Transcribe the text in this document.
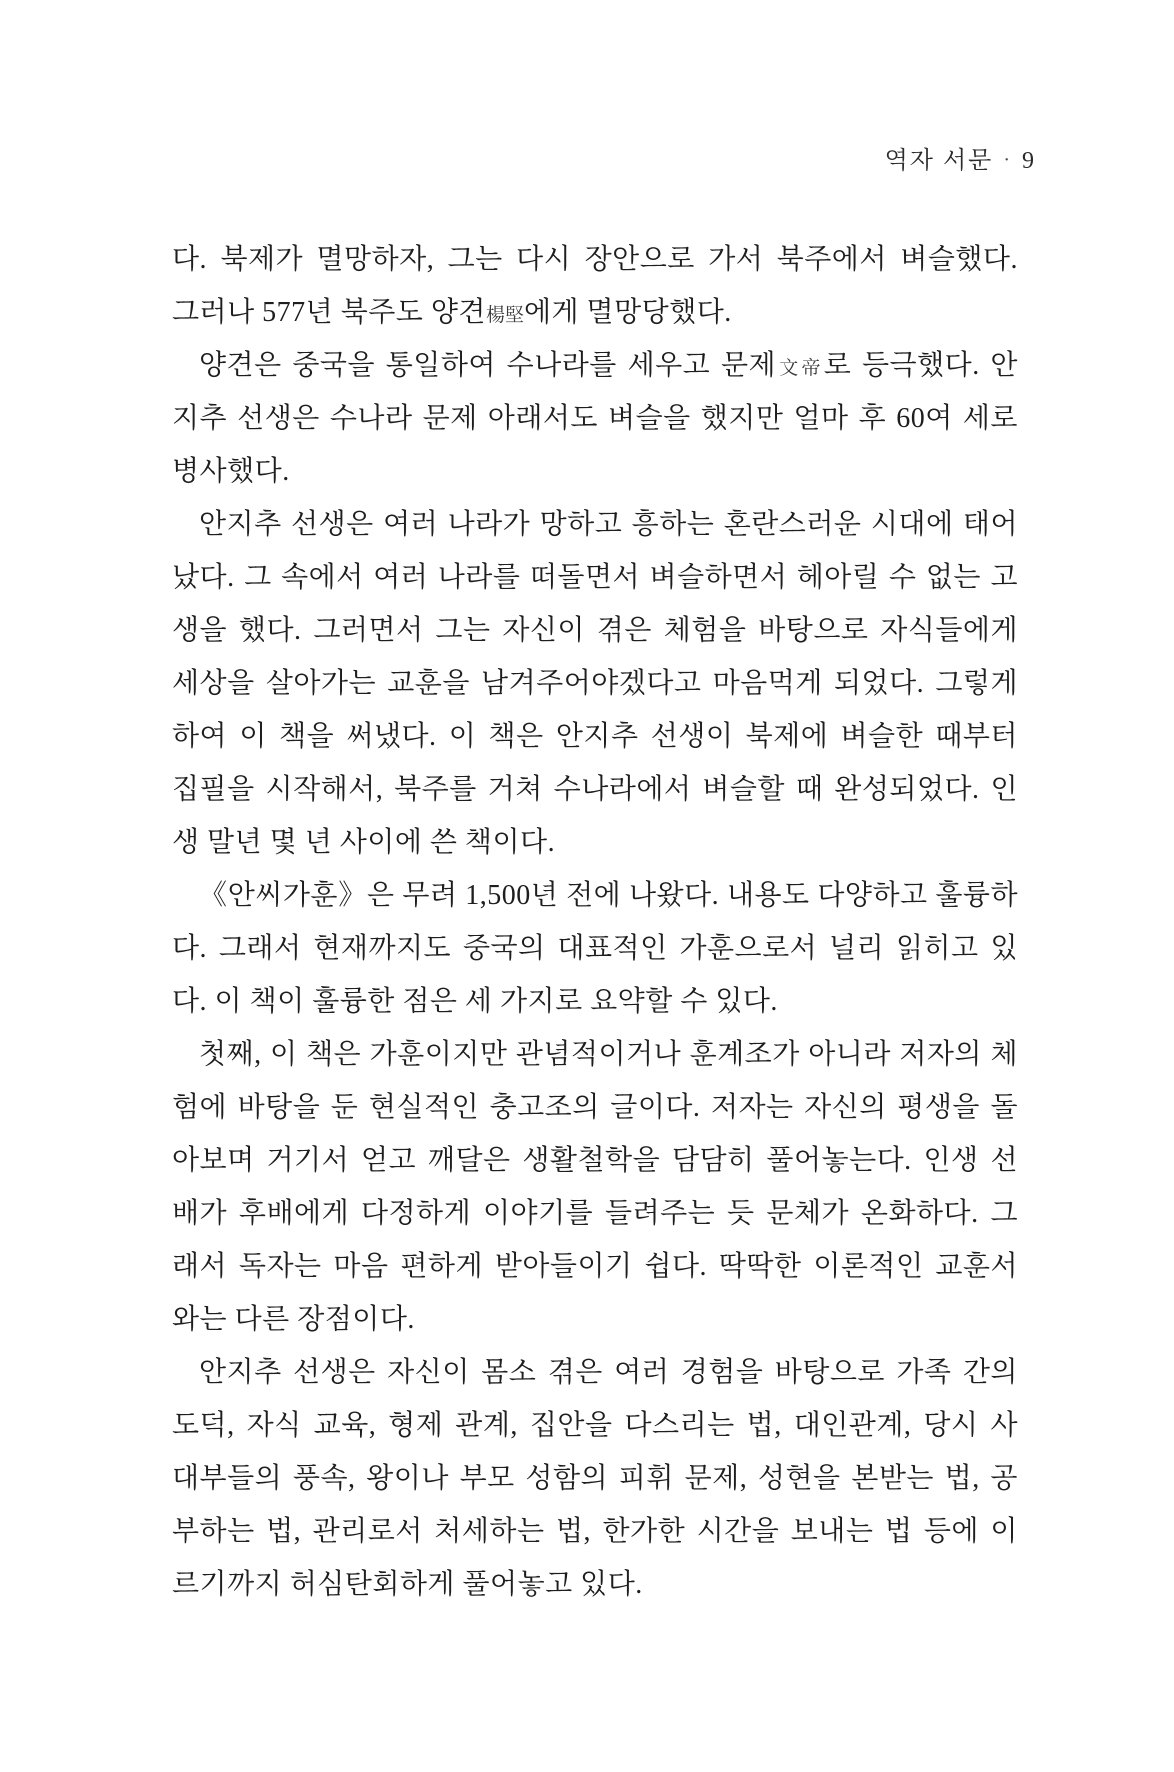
역자 서문 · 9
다. 북제가 멸망하자, 그는 다시 장안으로 가서 북주에서 벼슬했다.
그러나 577년 북주도 양견楊堅에게 멸망당했다.
양견은 중국을 통일하여 수나라를 세우고 문제文帝로 등극했다. 안
지추 선생은 수나라 문제 아래서도 벼슬을 했지만 얼마 후 60여 세로
병사했다.
안지추 선생은 여러 나라가 망하고 흥하는 혼란스러운 시대에 태어
났다. 그 속에서 여러 나라를 떠돌면서 벼슬하면서 헤아릴 수 없는 고
생을 했다. 그러면서 그는 자신이 겪은 체험을 바탕으로 자식들에게
세상을 살아가는 교훈을 남겨주어야겠다고 마음먹게 되었다. 그렇게
하여 이 책을 써냈다. 이 책은 안지추 선생이 북제에 벼슬한 때부터
집필을 시작해서, 북주를 거쳐 수나라에서 벼슬할 때 완성되었다. 인
생 말년 몇 년 사이에 쓴 책이다.
《안씨가훈》은 무려 1,500년 전에 나왔다. 내용도 다양하고 훌륭하
다. 그래서 현재까지도 중국의 대표적인 가훈으로서 널리 읽히고 있
다. 이 책이 훌륭한 점은 세 가지로 요약할 수 있다.
첫째, 이 책은 가훈이지만 관념적이거나 훈계조가 아니라 저자의 체
험에 바탕을 둔 현실적인 충고조의 글이다. 저자는 자신의 평생을 돌
아보며 거기서 얻고 깨달은 생활철학을 담담히 풀어놓는다. 인생 선
배가 후배에게 다정하게 이야기를 들려주는 듯 문체가 온화하다. 그
래서 독자는 마음 편하게 받아들이기 쉽다. 딱딱한 이론적인 교훈서
와는 다른 장점이다.
안지추 선생은 자신이 몸소 겪은 여러 경험을 바탕으로 가족 간의
도덕, 자식 교육, 형제 관계, 집안을 다스리는 법, 대인관계, 당시 사
대부들의 풍속, 왕이나 부모 성함의 피휘 문제, 성현을 본받는 법, 공
부하는 법, 관리로서 처세하는 법, 한가한 시간을 보내는 법 등에 이
르기까지 허심탄회하게 풀어놓고 있다.
